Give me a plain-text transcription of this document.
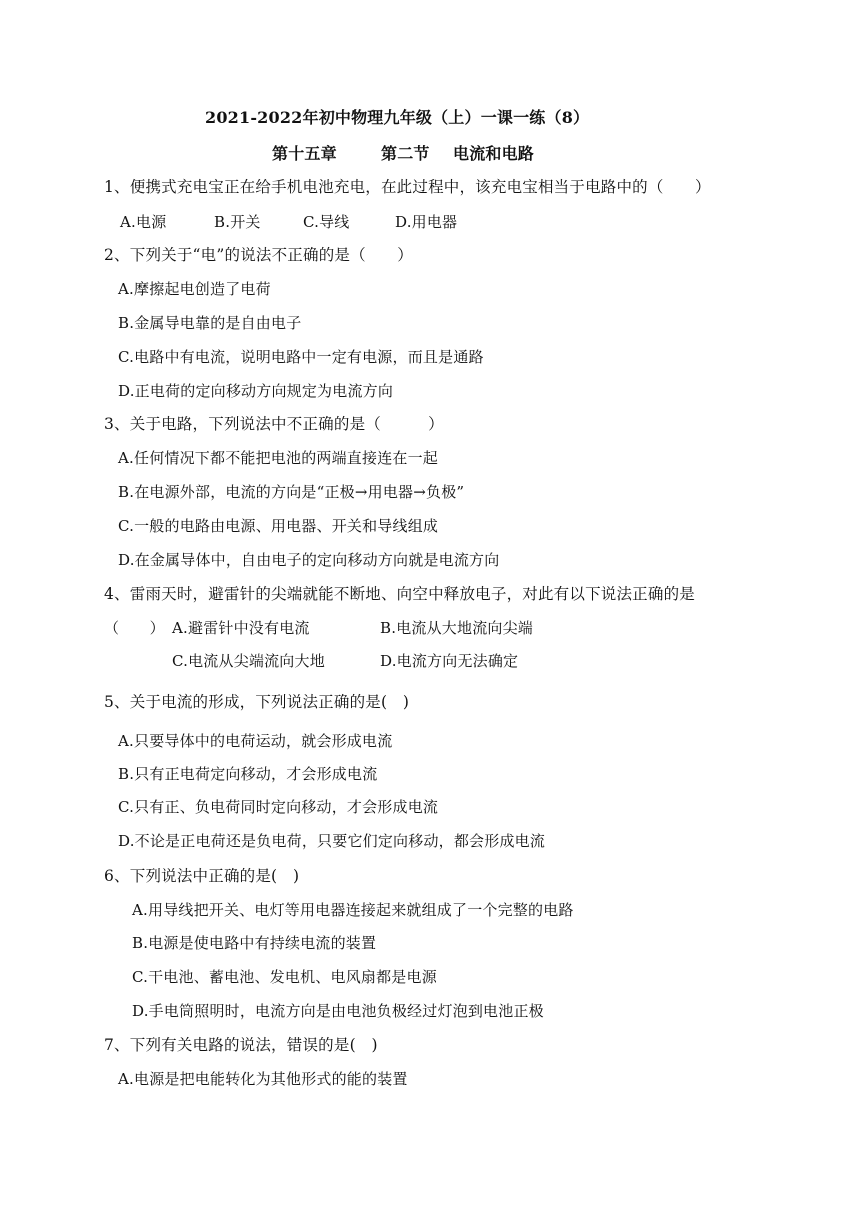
2021-2022年初中物理九年级（上）一课一练（8）
第十五章	第二节 电流和电路
1、便携式充电宝正在给手机电池充电，在此过程中，该充电宝相当于电路中的（　　）
A.电源	B.开关	C.导线	D.用电器
2、下列关于“电”的说法不正确的是（　　）
A.摩擦起电创造了电荷
B.金属导电靠的是自由电子
C.电路中有电流，说明电路中一定有电源，而且是通路
D.正电荷的定向移动方向规定为电流方向
3、关于电路，下列说法中不正确的是（　　　）
A.任何情况下都不能把电池的两端直接连在一起
B.在电源外部，电流的方向是“正极→用电器→负极”
C.一般的电路由电源、用电器、开关和导线组成
D.在金属导体中，自由电子的定向移动方向就是电流方向
4、雷雨天时，避雷针的尖端就能不断地、向空中释放电子，对此有以下说法正确的是
（　　） A.避雷针中没有电流	B.电流从大地流向尖端
C.电流从尖端流向大地	D.电流方向无法确定
5、关于电流的形成，下列说法正确的是(　)
A.只要导体中的电荷运动，就会形成电流
B.只有正电荷定向移动，才会形成电流
C.只有正、负电荷同时定向移动，才会形成电流
D.不论是正电荷还是负电荷，只要它们定向移动，都会形成电流
6、下列说法中正确的是(　)
A.用导线把开关、电灯等用电器连接起来就组成了一个完整的电路
B.电源是使电路中有持续电流的装置
C.干电池、蓄电池、发电机、电风扇都是电源
D.手电筒照明时，电流方向是由电池负极经过灯泡到电池正极
7、下列有关电路的说法，错误的是(　)
A.电源是把电能转化为其他形式的能的装置
